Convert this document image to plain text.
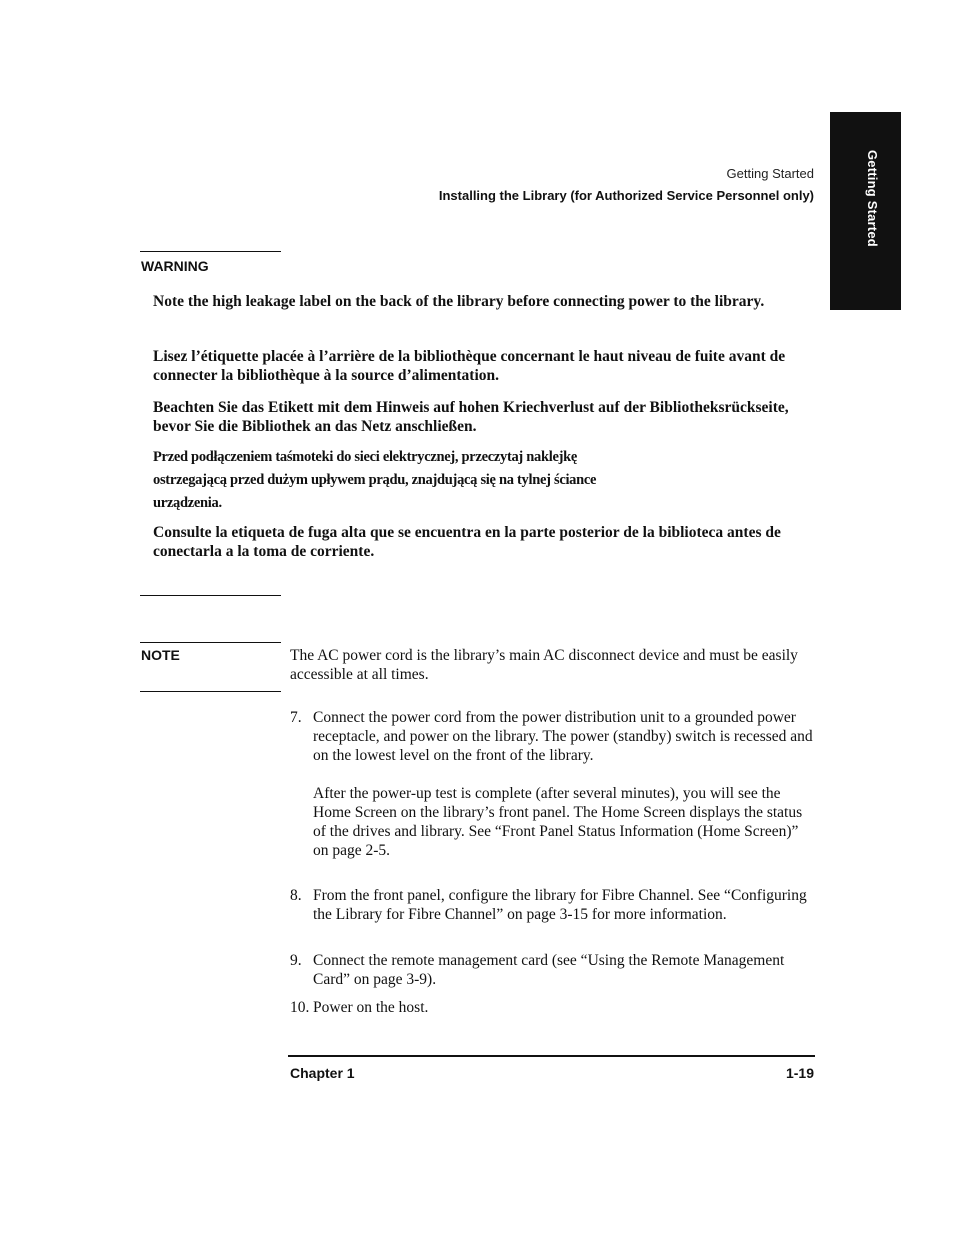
Getting Started
Getting Started
Installing the Library (for Authorized Service Personnel only)
WARNING
Note the high leakage label on the back of the library before connecting power to the library.
Lisez l’étiquette placée à l’arrière de la bibliothèque concernant le haut niveau de fuite avant de connecter la bibliothèque à la source d’alimentation.
Beachten Sie das Etikett mit dem Hinweis auf hohen Kriechverlust auf der Bibliotheksrückseite, bevor Sie die Bibliothek an das Netz anschließen.
Przed podłączeniem taśmoteki do sieci elektrycznej, przeczytaj naklejkę ostrzegającą przed dużym upływem prądu, znajdującą się na tylnej ściance urządzenia.
Consulte la etiqueta de fuga alta que se encuentra en la parte posterior de la biblioteca antes de conectarla a la toma de corriente.
NOTE	The AC power cord is the library’s main AC disconnect device and must be easily accessible at all times.
7. Connect the power cord from the power distribution unit to a grounded power receptacle, and power on the library. The power (standby) switch is recessed and on the lowest level on the front of the library.
After the power-up test is complete (after several minutes), you will see the Home Screen on the library’s front panel. The Home Screen displays the status of the drives and library. See “Front Panel Status Information (Home Screen)” on page 2-5.
8. From the front panel, configure the library for Fibre Channel. See “Configuring the Library for Fibre Channel” on page 3-15 for more information.
9. Connect the remote management card (see “Using the Remote Management Card” on page 3-9).
10. Power on the host.
Chapter 1	1-19
